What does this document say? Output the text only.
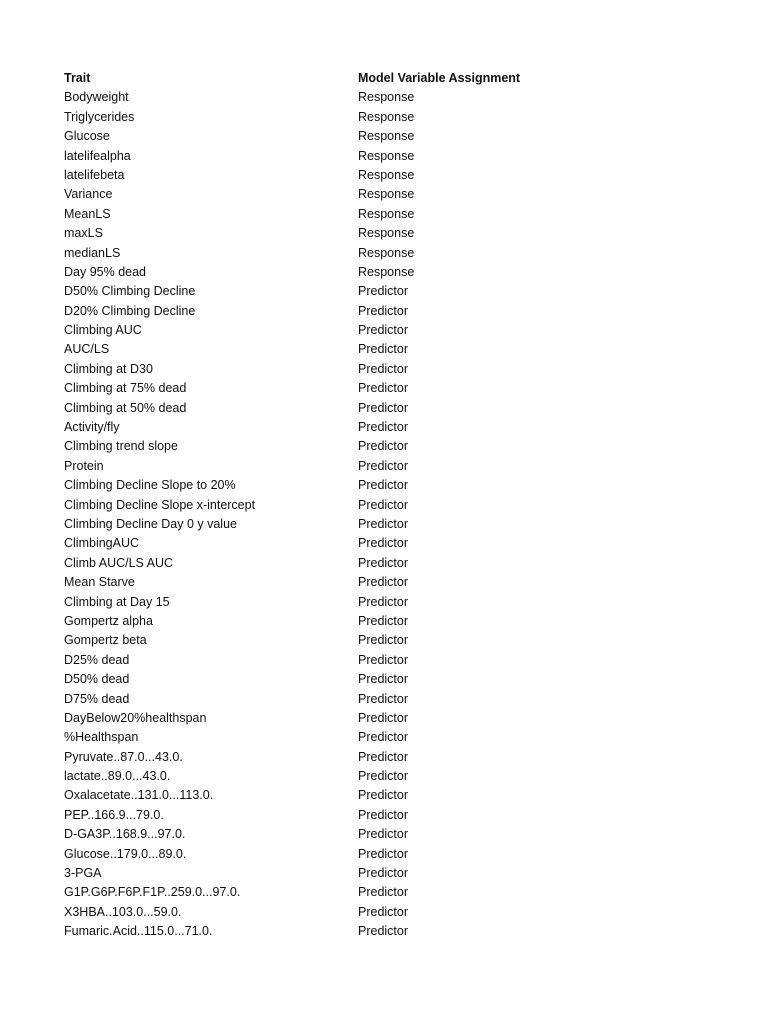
Trait	Model Variable Assignment
Bodyweight	Response
Triglycerides	Response
Glucose	Response
latelifealpha	Response
latelifebeta	Response
Variance	Response
MeanLS	Response
maxLS	Response
medianLS	Response
Day 95% dead	Response
D50% Climbing Decline	Predictor
D20% Climbing Decline	Predictor
Climbing AUC	Predictor
AUC/LS	Predictor
Climbing at D30	Predictor
Climbing at 75% dead	Predictor
Climbing at 50% dead	Predictor
Activity/fly	Predictor
Climbing trend slope	Predictor
Protein	Predictor
Climbing Decline Slope to 20%	Predictor
Climbing Decline Slope x-intercept	Predictor
Climbing Decline Day 0 y value	Predictor
ClimbingAUC	Predictor
Climb AUC/LS AUC	Predictor
Mean Starve	Predictor
Climbing at Day 15	Predictor
Gompertz alpha	Predictor
Gompertz beta	Predictor
D25% dead	Predictor
D50% dead	Predictor
D75% dead	Predictor
DayBelow20%healthspan	Predictor
%Healthspan	Predictor
Pyruvate..87.0...43.0.	Predictor
lactate..89.0...43.0.	Predictor
Oxalacetate..131.0...113.0.	Predictor
PEP..166.9...79.0.	Predictor
D-GA3P..168.9...97.0.	Predictor
Glucose..179.0...89.0.	Predictor
3-PGA	Predictor
G1P.G6P.F6P.F1P..259.0...97.0.	Predictor
X3HBA..103.0...59.0.	Predictor
Fumaric.Acid..115.0...71.0.	Predictor
